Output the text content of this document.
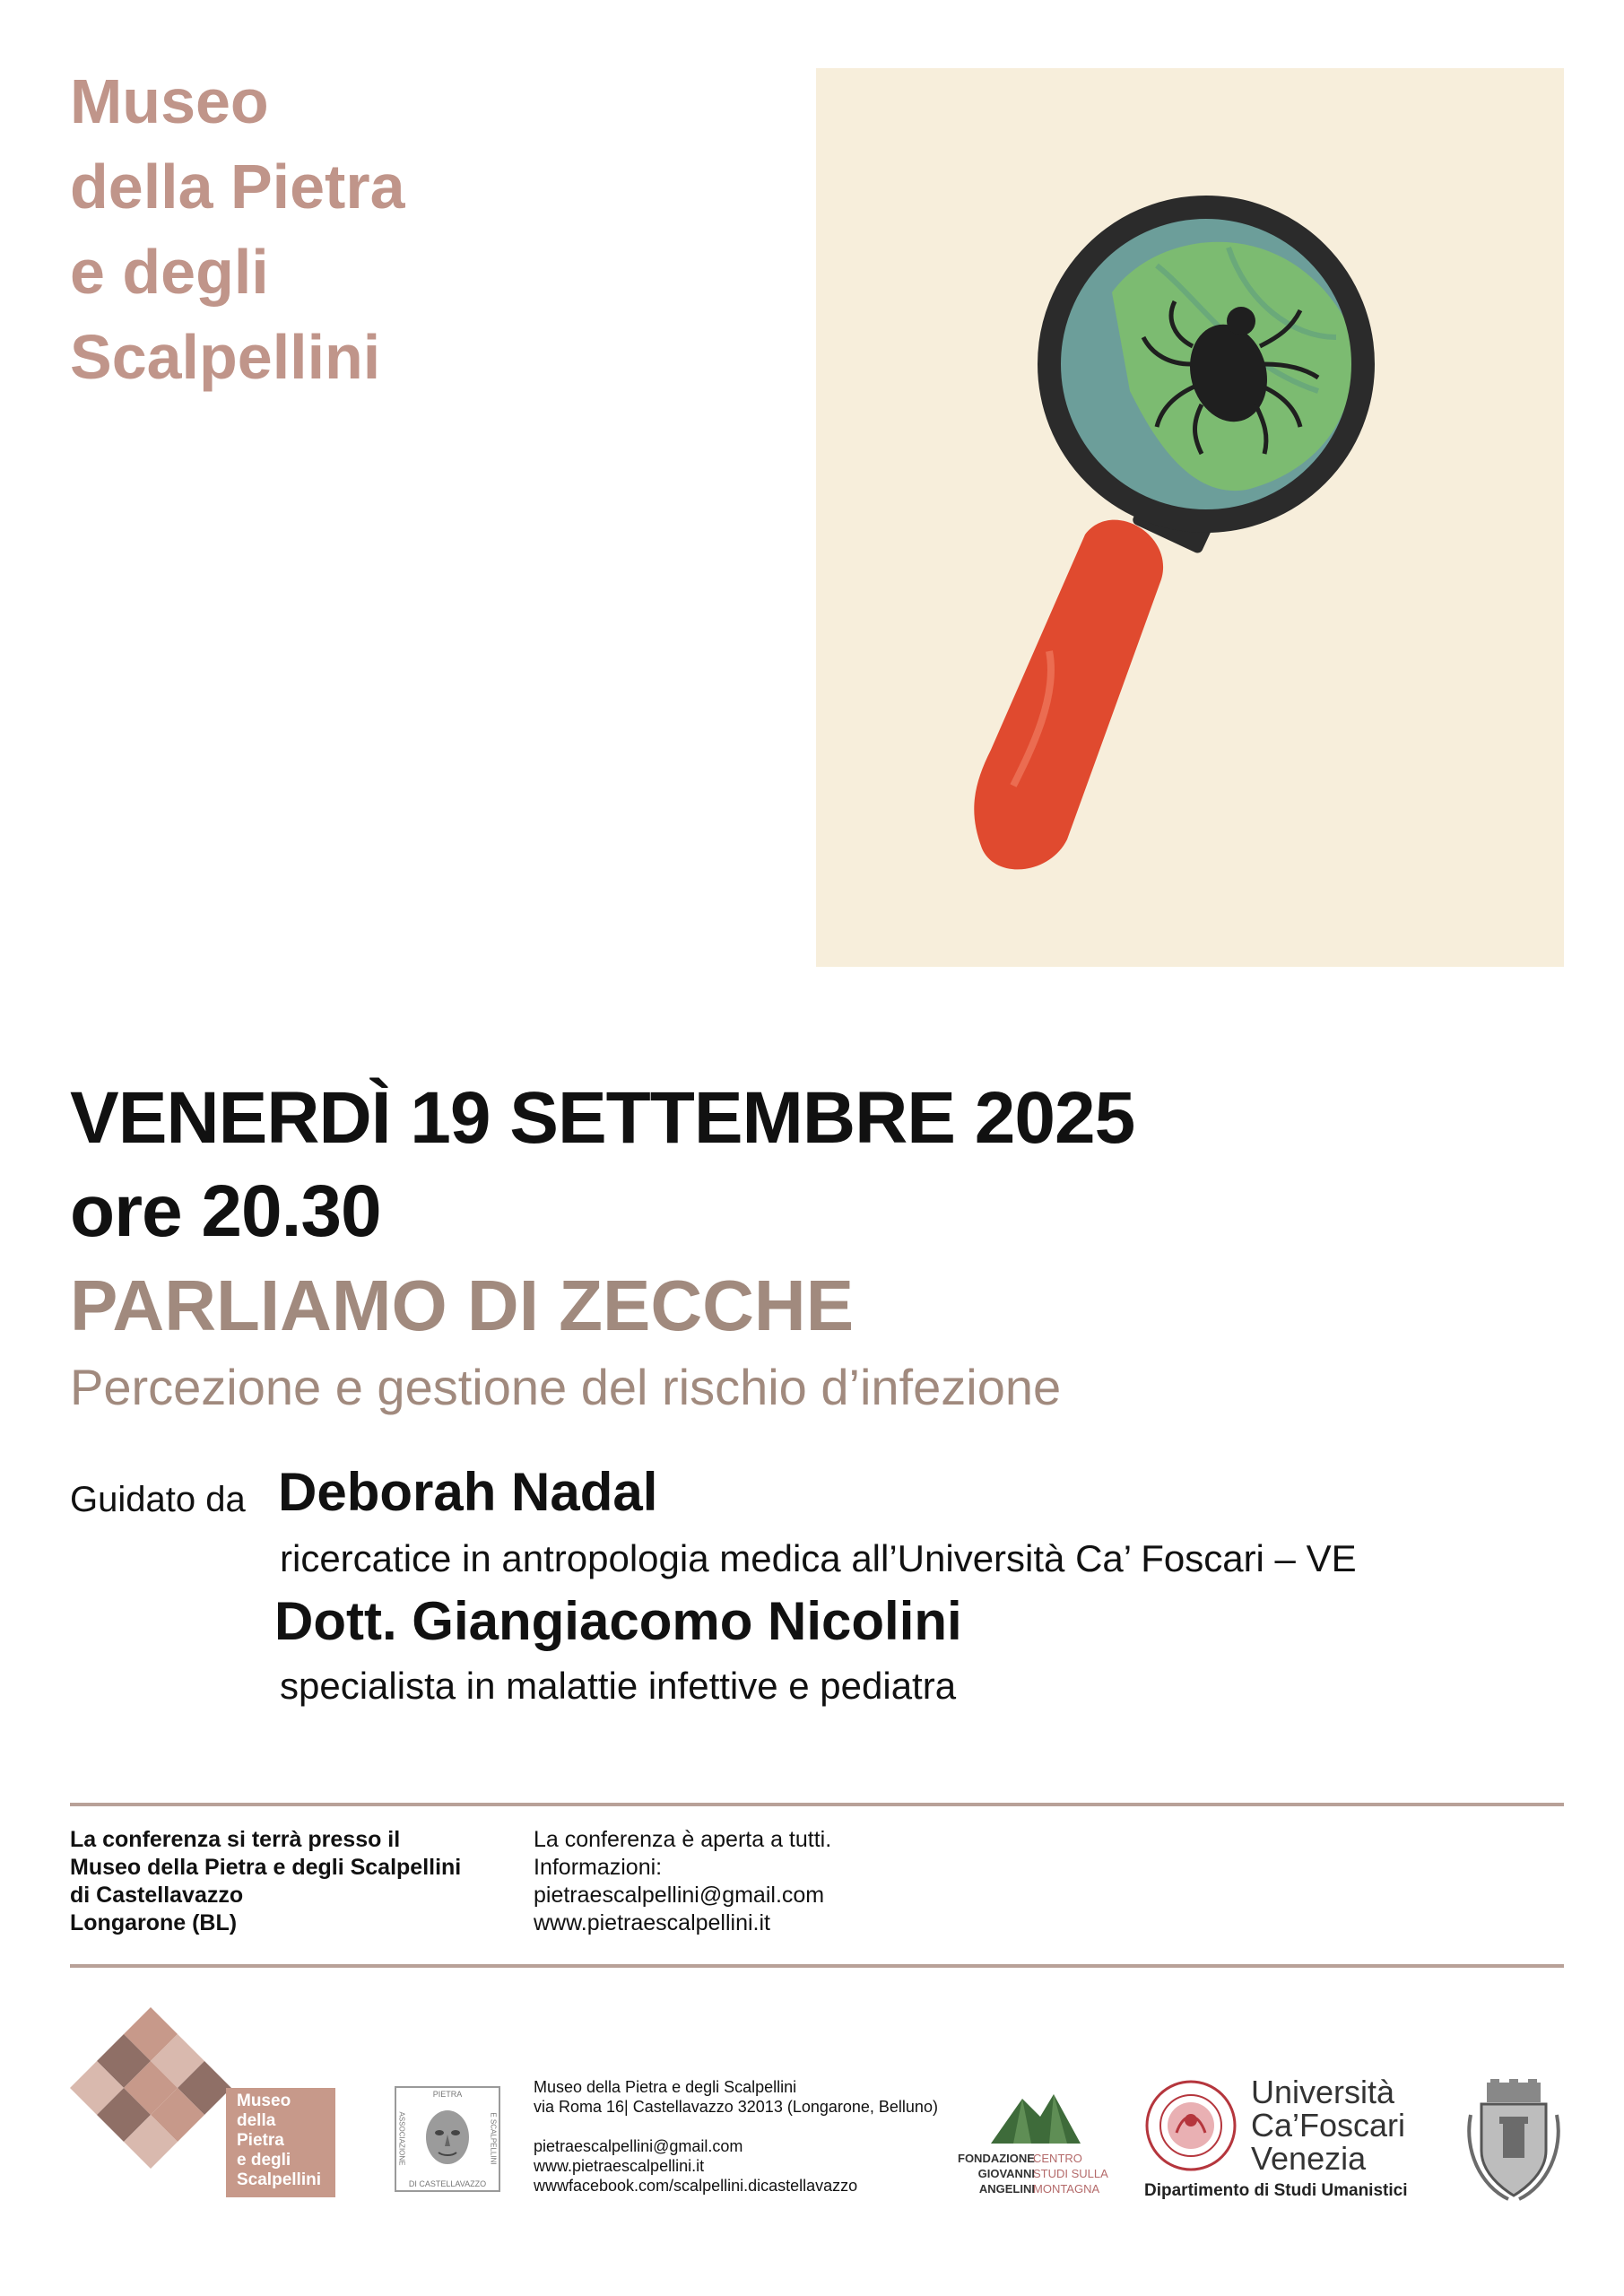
Museo
della Pietra
e degli
Scalpellini
VENERDÌ 19 SETTEMBRE 2025
ore 20.30
PARLIAMO DI ZECCHE
Percezione e gestione del rischio d’infezione
Guidato da Deborah Nadal
ricercatice in antropologia medica all’Università Ca’ Foscari – VE
Dott. Giangiacomo Nicolini
specialista in malattie infettive e pediatra
La conferenza si terrà presso il
Museo della Pietra e degli Scalpellini
di Castellavazzo
Longarone (BL)
La conferenza è aperta a tutti.
Informazioni:
pietraescalpellini@gmail.com
www.pietraescalpellini.it
Museo
della
Pietra
e degli
Scalpellini
PIETRA
ASSOCIAZIONE	E SCALPELLINI
DI CASTELLAVAZZO
Museo della Pietra e degli Scalpellini
via Roma 16| Castellavazzo 32013 (Longarone, Belluno)
pietraescalpellini@gmail.com
www.pietraescalpellini.it
wwwfacebook.com/scalpellini.dicastellavazzo
FONDAZIONE
GIOVANNI
ANGELINI
CENTRO
STUDI SULLA
MONTAGNA
Università
Ca’Foscari
Venezia
Dipartimento di Studi Umanistici
